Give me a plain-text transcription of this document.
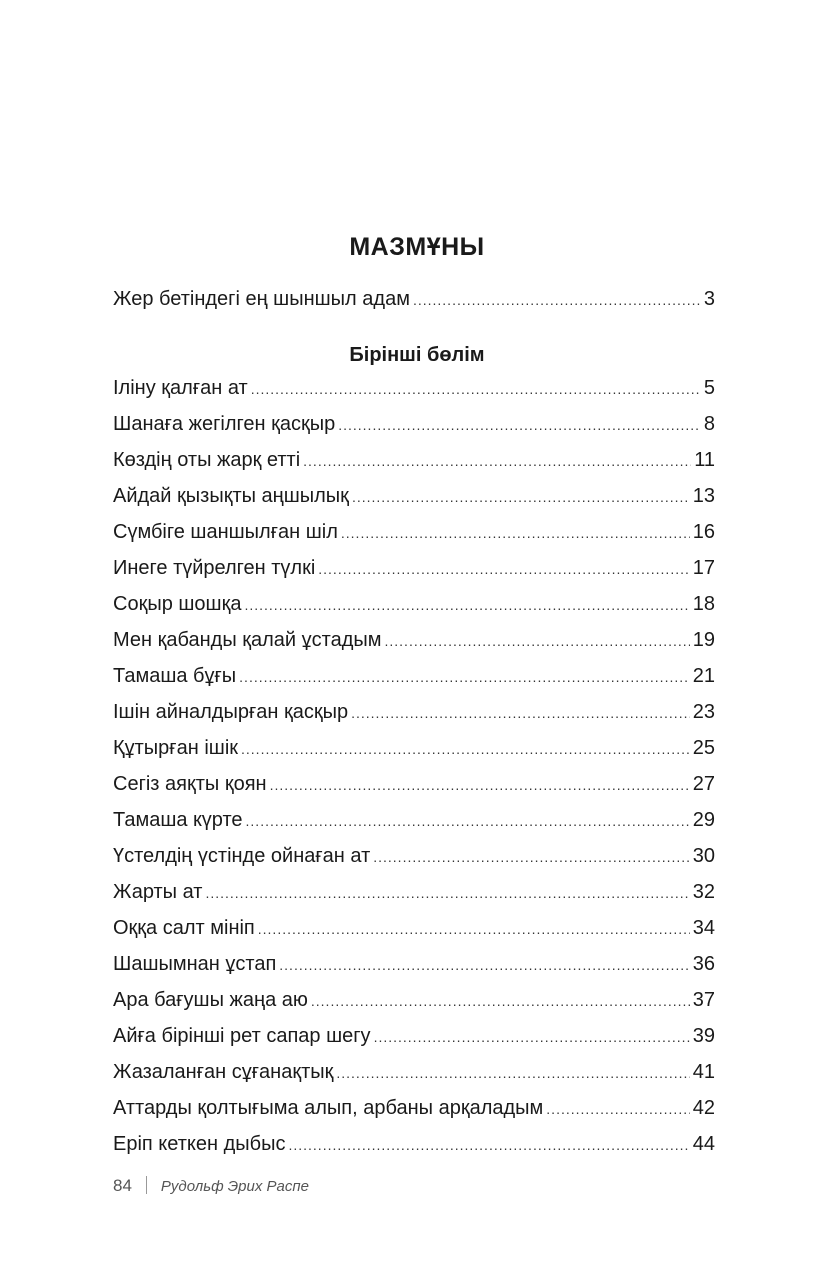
МАЗМҰНЫ
Жер бетіндегі ең шыншыл адам .....	3
Бірінші бөлім
Іліну қалған ат .....	5
Шанаға жегілген қасқыр .....	8
Көздің оты жарқ етті .....	11
Айдай қызықты аңшылық .....	13
Сүмбіге шаншылған шіл .....	16
Инеге түйрелген түлкі .....	17
Соқыр шошқа .....	18
Мен қабанды қалай ұстадым .....	19
Тамаша бұғы .....	21
Ішін айналдырған қасқыр .....	23
Құтырған ішік .....	25
Сегіз аяқты қоян .....	27
Тамаша күрте .....	29
Үстелдің үстінде ойнаған ат .....	30
Жарты ат .....	32
Оққа салт мініп .....	34
Шашымнан ұстап .....	36
Ара бағушы жаңа аю .....	37
Айға бірінші рет сапар шегу .....	39
Жазаланған сұғанақтық .....	41
Аттарды қолтығыма алып, арбаны арқаладым .....	42
Еріп кеткен дыбыс .....	44
84 Рудольф Эрих Распе
